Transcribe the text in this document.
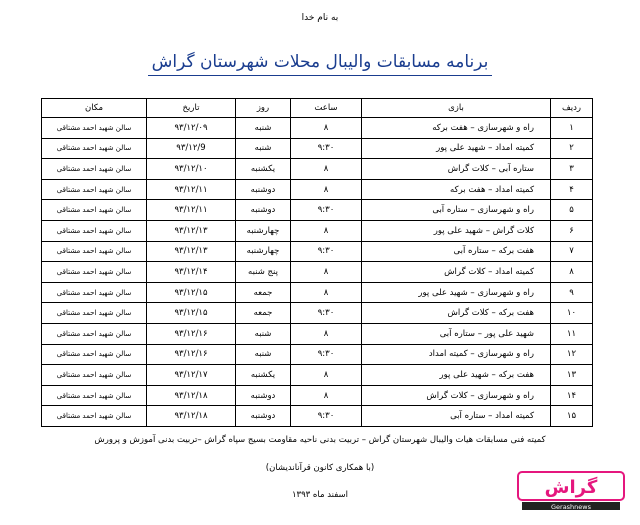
به نام خدا
برنامه مسابقات والیبال محلات شهرستان گراش
ردیف	بازی	ساعت	روز	تاریخ	مکان
۱	راه و شهرسازی – هفت برکه	۸	شنبه	۹۳/۱۲/۰۹	سالن شهید احمد مشتاقی
۲	کمیته امداد – شهید علی پور	۹:۳۰	شنبه	۹۳/۱۲/9	سالن شهید احمد مشتاقی
۳	ستاره آبی – کلات گراش	۸	یکشنبه	۹۳/۱۲/۱۰	سالن شهید احمد مشتاقی
۴	کمیته امداد – هفت برکه	۸	دوشنبه	۹۳/۱۲/۱۱	سالن شهید احمد مشتاقی
۵	راه و شهرسازی – ستاره آبی	۹:۳۰	دوشنبه	۹۳/۱۲/۱۱	سالن شهید احمد مشتاقی
۶	کلات گراش – شهید علی پور	۸	چهارشنبه	۹۳/۱۲/۱۳	سالن شهید احمد مشتاقی
۷	هفت برکه – ستاره آبی	۹:۳۰	چهارشنبه	۹۳/۱۲/۱۳	سالن شهید احمد مشتاقی
۸	کمیته امداد – کلات گراش	۸	پنج شنبه	۹۳/۱۲/۱۴	سالن شهید احمد مشتاقی
۹	راه و شهرسازی – شهید علی پور	۸	جمعه	۹۳/۱۲/۱۵	سالن شهید احمد مشتاقی
۱۰	هفت برکه – کلات گراش	۹:۳۰	جمعه	۹۳/۱۲/۱۵	سالن شهید احمد مشتاقی
۱۱	شهید علی پور – ستاره آبی	۸	شنبه	۹۳/۱۲/۱۶	سالن شهید احمد مشتاقی
۱۲	راه و شهرسازی – کمیته امداد	۹:۳۰	شنبه	۹۳/۱۲/۱۶	سالن شهید احمد مشتاقی
۱۳	هفت برکه – شهید علی پور	۸	یکشنبه	۹۳/۱۲/۱۷	سالن شهید احمد مشتاقی
۱۴	راه و شهرسازی – کلات گراش	۸	دوشنبه	۹۳/۱۲/۱۸	سالن شهید احمد مشتاقی
۱۵	کمیته امداد – ستاره آبی	۹:۳۰	دوشنبه	۹۳/۱۲/۱۸	سالن شهید احمد مشتاقی
کمیته فنی مسابقات هیات والیبال شهرستان گراش – تربیت بدنی ناحیه مقاومت بسیج سپاه گراش –تربیت بدنی آموزش و پرورش
(با همکاری کانون قرآناندیشان)
اسفند ماه ۱۳۹۳	گراش
Gerashnews
